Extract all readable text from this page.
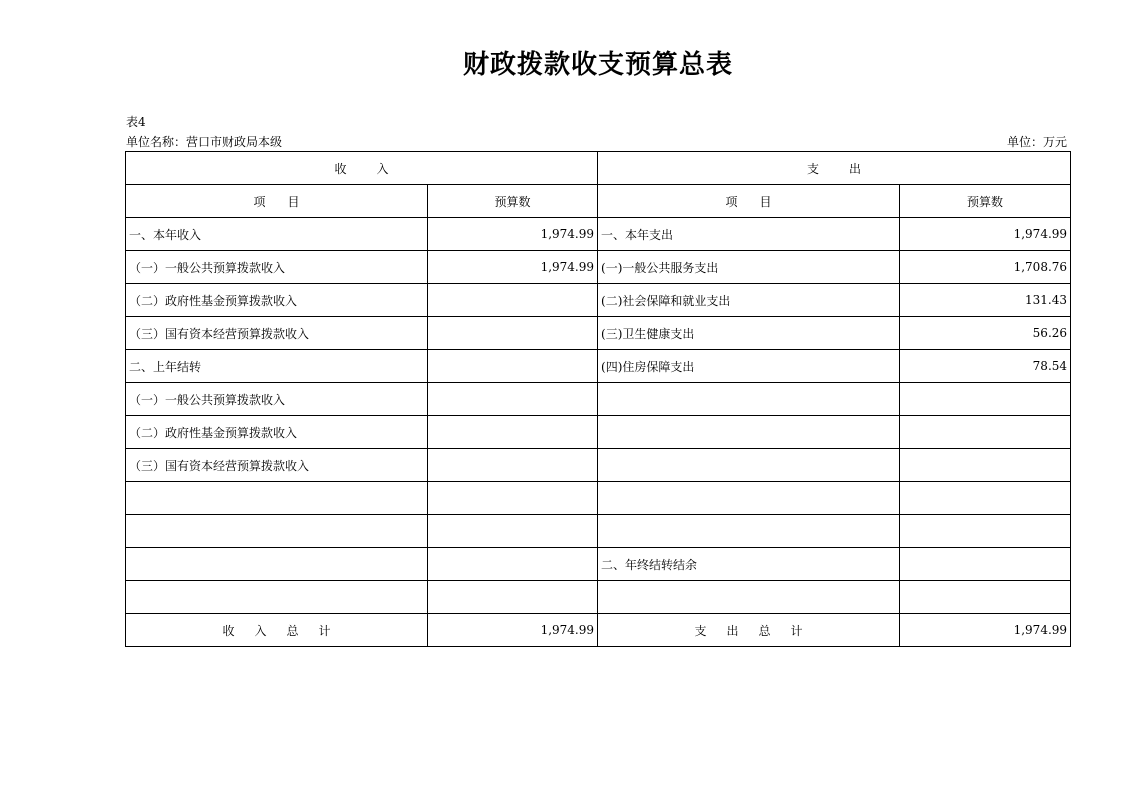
财政拨款收支预算总表
表4
单位名称：营口市财政局本级	单位：万元
收入		支出	
项目	预算数	项目	预算数
一、本年收入	1,974.99	一、本年支出	1,974.99
（一）一般公共预算拨款收入	1,974.99	(一)一般公共服务支出	1,708.76
（二）政府性基金预算拨款收入		(二)社会保障和就业支出	131.43
（三）国有资本经营预算拨款收入		(三)卫生健康支出	56.26
二、上年结转		(四)住房保障支出	78.54
（一）一般公共预算拨款收入			
（二）政府性基金预算拨款收入			
（三）国有资本经营预算拨款收入			

		二、年终结转结余	

收入总计	1,974.99	支出总计	1,974.99
